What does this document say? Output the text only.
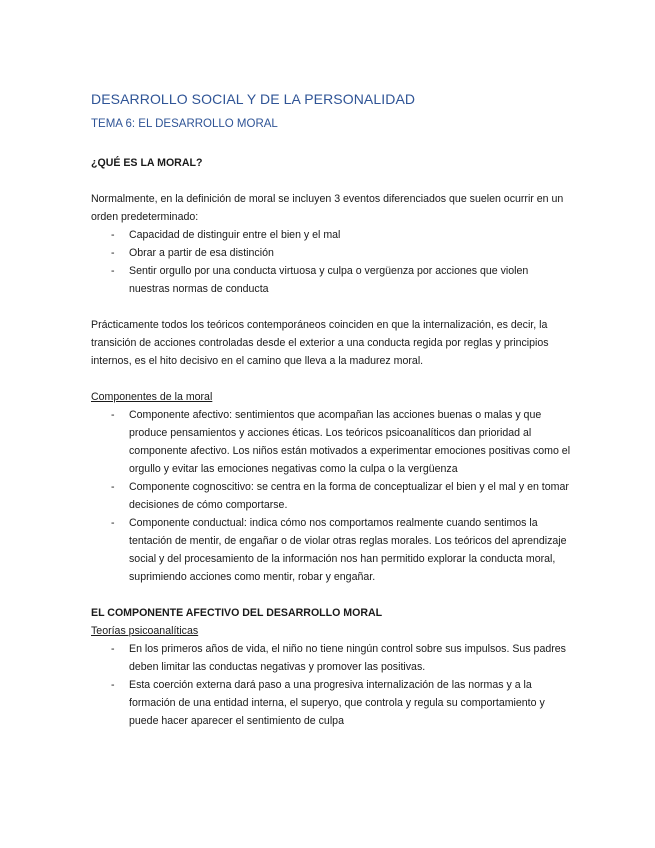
DESARROLLO SOCIAL Y DE LA PERSONALIDAD
TEMA 6: EL DESARROLLO MORAL

¿QUÉ ES LA MORAL?

Normalmente, en la definición de moral se incluyen 3 eventos diferenciados que suelen ocurrir en un orden predeterminado:

- Capacidad de distinguir entre el bien y el mal
- Obrar a partir de esa distinción
- Sentir orgullo por una conducta virtuosa y culpa o vergüenza por acciones que violen nuestras normas de conducta

Prácticamente todos los teóricos contemporáneos coinciden en que la internalización, es decir, la transición de acciones controladas desde el exterior a una conducta regida por reglas y principios internos, es el hito decisivo en el camino que lleva a la madurez moral.

Componentes de la moral

- Componente afectivo: sentimientos que acompañan las acciones buenas o malas y que produce pensamientos y acciones éticas. Los teóricos psicoanalíticos dan prioridad al componente afectivo. Los niños están motivados a experimentar emociones positivas como el orgullo y evitar las emociones negativas como la culpa o la vergüenza
- Componente cognoscitivo: se centra en la forma de conceptualizar el bien y el mal y en tomar decisiones de cómo comportarse.
- Componente conductual: indica cómo nos comportamos realmente cuando sentimos la tentación de mentir, de engañar o de violar otras reglas morales. Los teóricos del aprendizaje social y del procesamiento de la información nos han permitido explorar la conducta moral, suprimiendo acciones como mentir, robar y engañar.

EL COMPONENTE AFECTIVO DEL DESARROLLO MORAL

Teorías psicoanalíticas

- En los primeros años de vida, el niño no tiene ningún control sobre sus impulsos. Sus padres deben limitar las conductas negativas y promover las positivas.
- Esta coerción externa dará paso a una progresiva internalización de las normas y a la formación de una entidad interna, el superyo, que controla y regula su comportamiento y puede hacer aparecer el sentimiento de culpa
